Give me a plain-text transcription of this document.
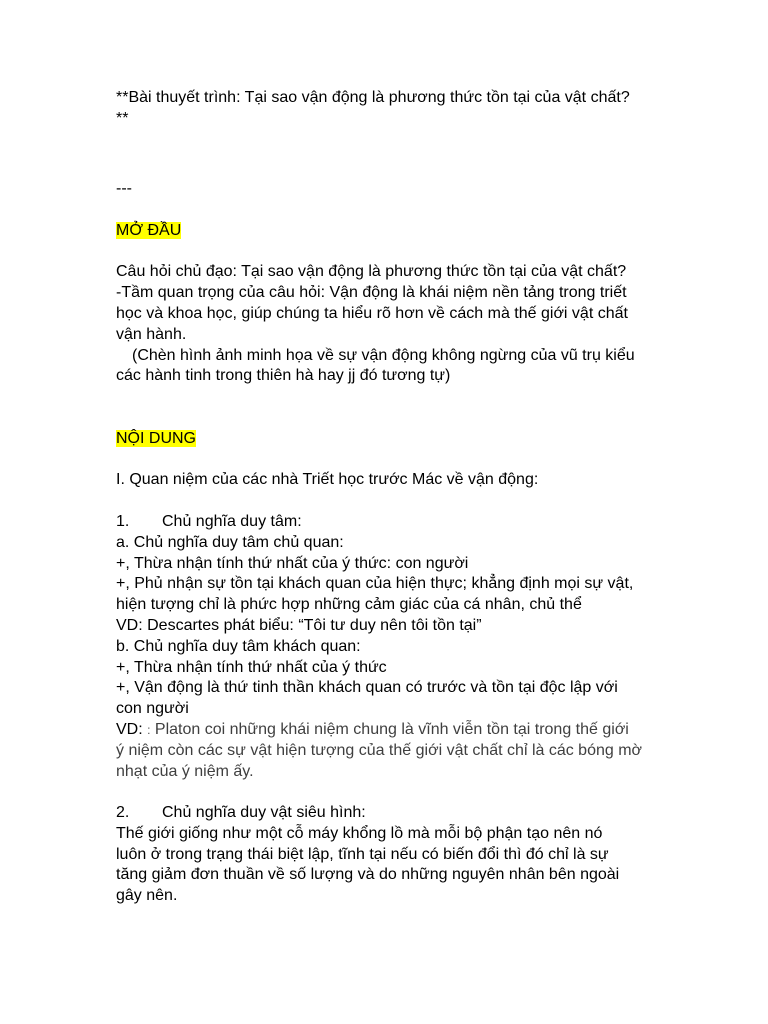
**Bài thuyết trình: Tại sao vận động là phương thức tồn tại của vật chất?

**

---

MỞ ĐẦU

Câu hỏi chủ đạo: Tại sao vận động là phương thức tồn tại của vật chất?

-Tầm quan trọng của câu hỏi: Vận động là khái niệm nền tảng trong triết

học và khoa học, giúp chúng ta hiểu rõ hơn về cách mà thế giới vật chất

vận hành.

(Chèn hình ảnh minh họa về sự vận động không ngừng của vũ trụ kiểu

các hành tinh trong thiên hà hay jj đó tương tự)

NỘI DUNG

I. Quan niệm của các nhà Triết học trước Mác về vận động:

1. Chủ nghĩa duy tâm:

a. Chủ nghĩa duy tâm chủ quan:

+, Thừa nhận tính thứ nhất của ý thức: con người

+, Phủ nhận sự tồn tại khách quan của hiện thực; khẳng định mọi sự vật,

hiện tượng chỉ là phức hợp những cảm giác của cá nhân, chủ thể

VD: Descartes phát biểu: “Tôi tư duy nên tôi tồn tại”

b. Chủ nghĩa duy tâm khách quan:

+, Thừa nhận tính thứ nhất của ý thức

+, Vận động là thứ tinh thần khách quan có trước và tồn tại độc lập với

con người

VD: : Platon coi những khái niệm chung là vĩnh viễn tồn tại trong thế giới

ý niệm còn các sự vật hiện tượng của thế giới vật chất chỉ là các bóng mờ

nhạt của ý niệm ấy.

2. Chủ nghĩa duy vật siêu hình:

Thế giới giống như một cỗ máy khổng lồ mà mỗi bộ phận tạo nên nó

luôn ở trong trạng thái biệt lập, tĩnh tại nếu có biến đổi thì đó chỉ là sự

tăng giảm đơn thuần về số lượng và do những nguyên nhân bên ngoài

gây nên.
